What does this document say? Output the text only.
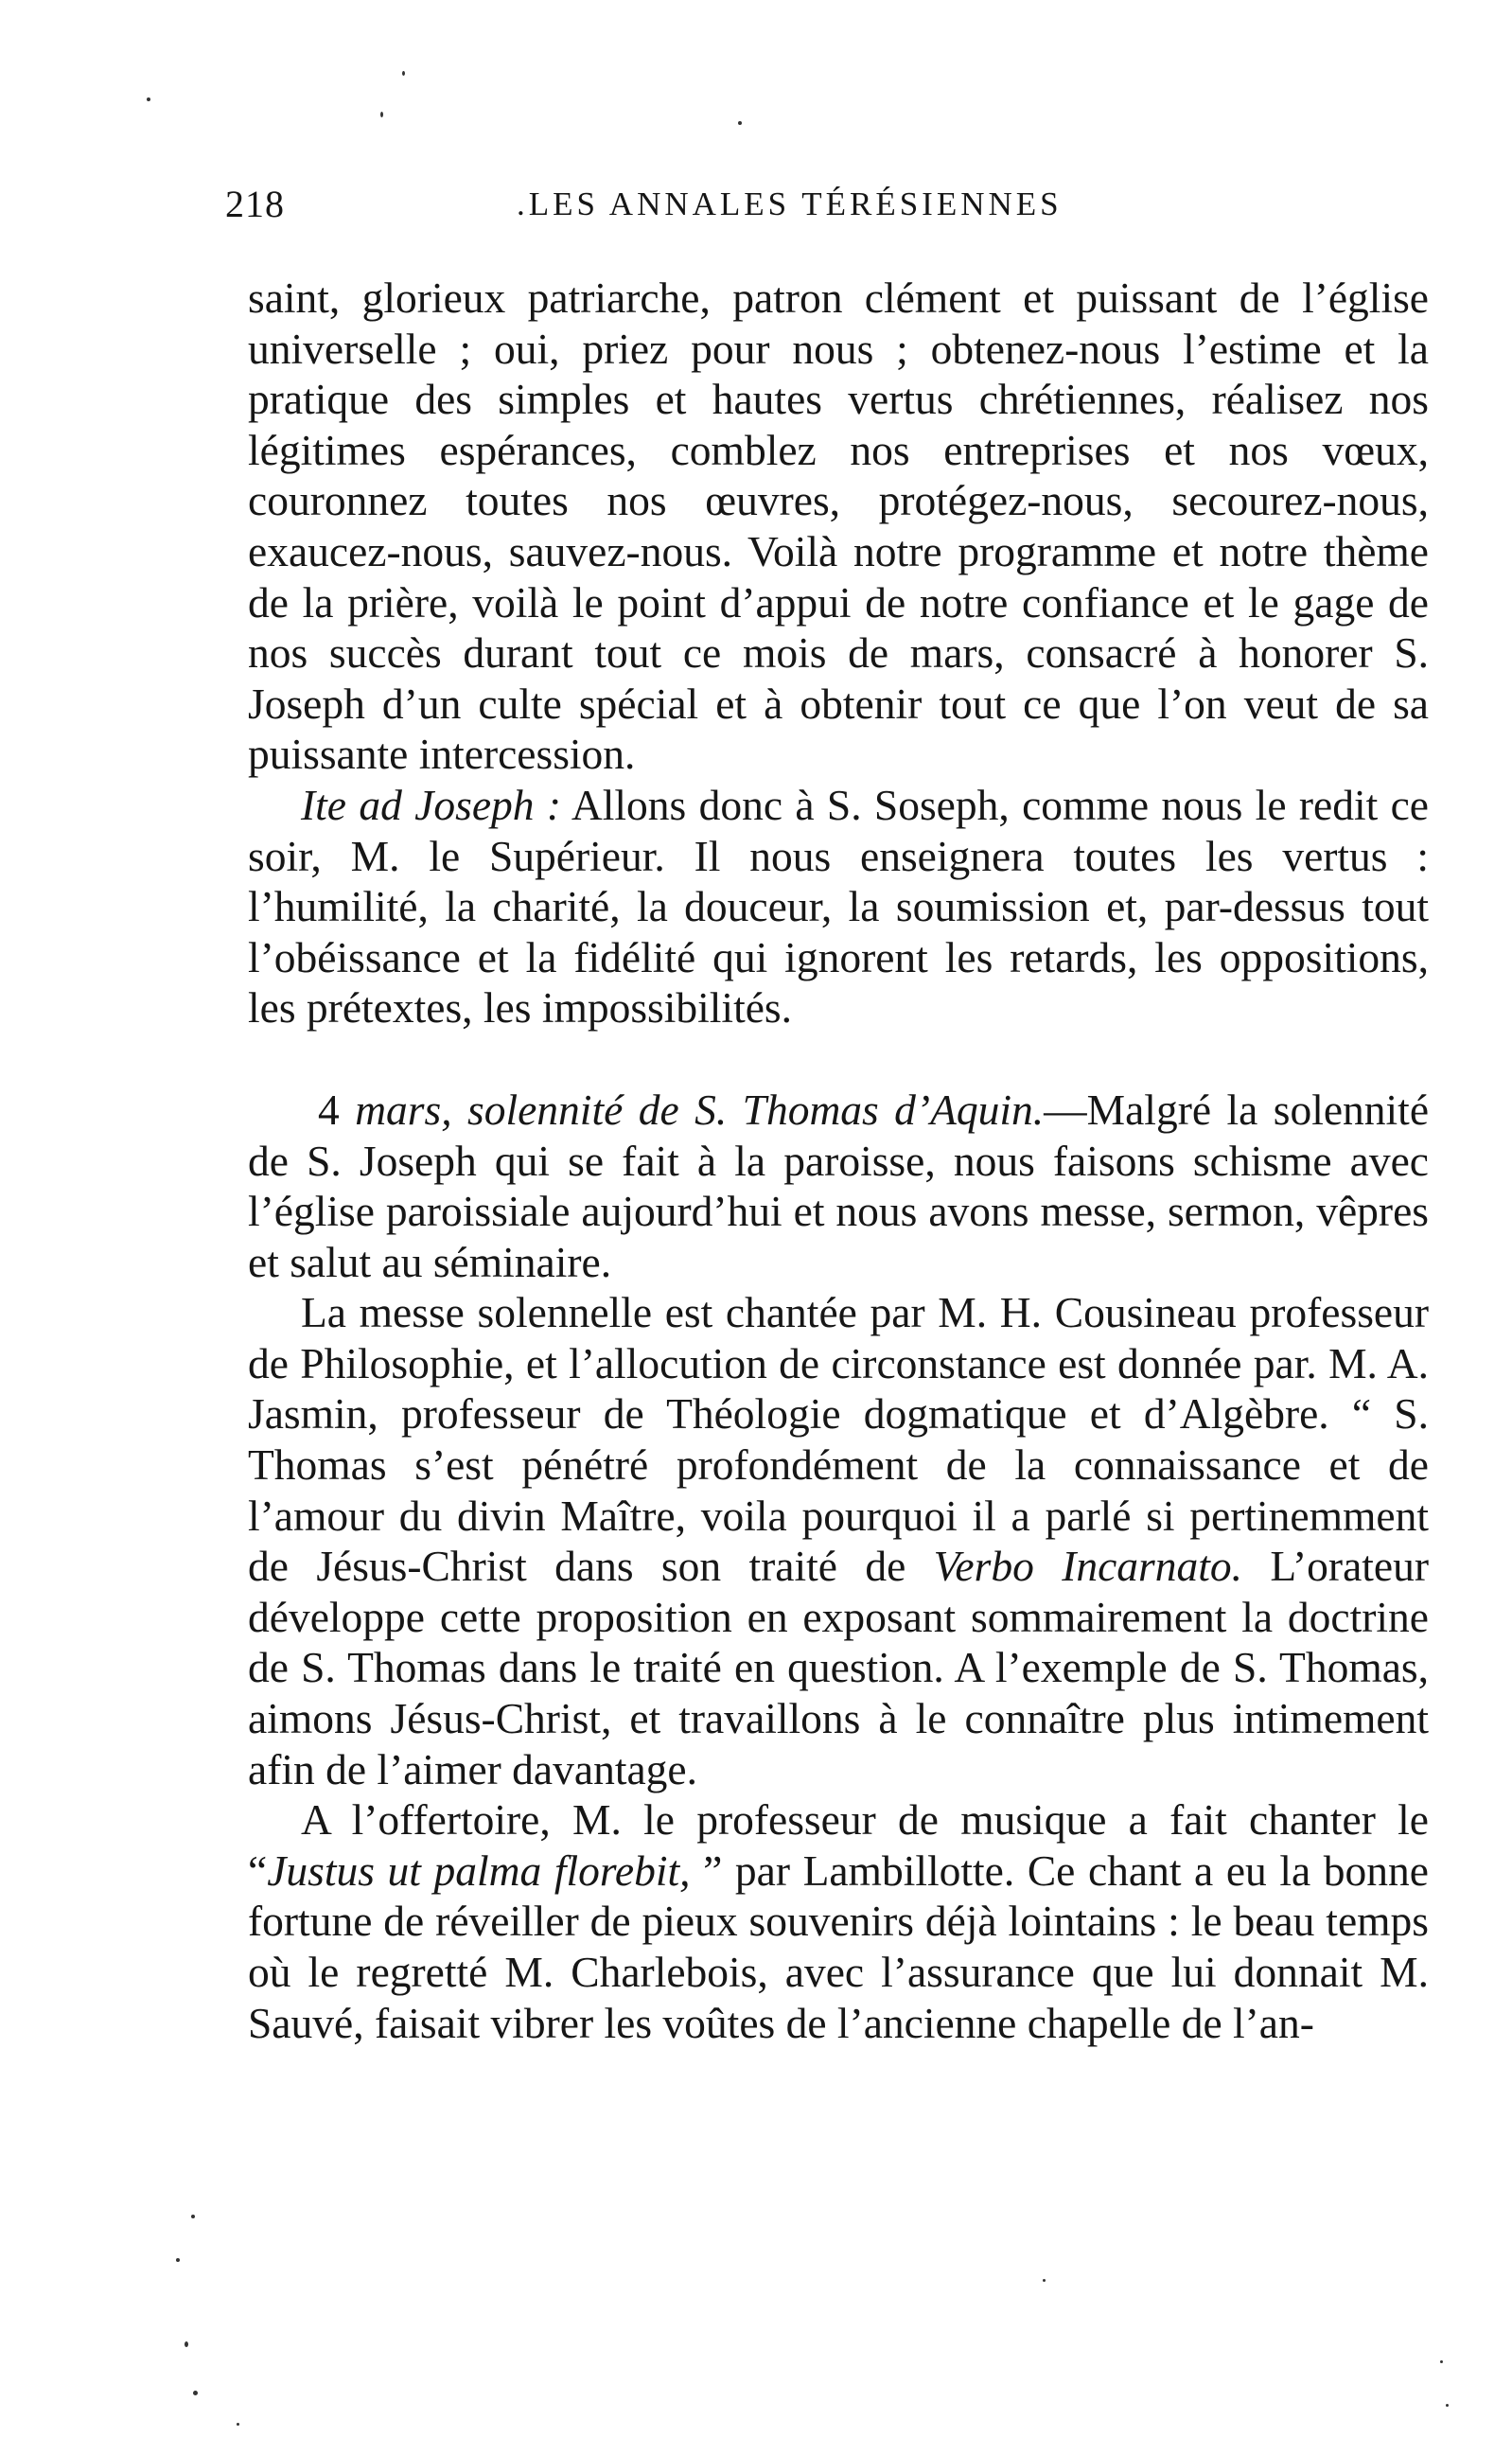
218	.LES ANNALES TÉRÉSIENNES

saint, glorieux patriarche, patron clément et puissant de l’église universelle ; oui, priez pour nous ; obtenez-nous l’estime et la pratique des simples et hautes vertus chrétiennes, réalisez nos légitimes espérances, comblez nos entreprises et nos vœux, couronnez toutes nos œuvres, protégez-nous, secourez-nous, exaucez-nous, sauvez-nous. Voilà notre programme et notre thème de la prière, voilà le point d’appui de notre confiance et le gage de nos succès durant tout ce mois de mars, consacré à honorer S. Joseph d’un culte spécial et à obtenir tout ce que l’on veut de sa puissante intercession.

Ite ad Joseph : Allons donc à S. Soseph, comme nous le redit ce soir, M. le Supérieur. Il nous enseignera toutes les vertus : l’humilité, la charité, la douceur, la soumission et, par-dessus tout l’obéissance et la fidélité qui ignorent les retards, les oppositions, les prétextes, les impossibilités.

4 mars, solennité de S. Thomas d’Aquin.—Malgré la solennité de S. Joseph qui se fait à la paroisse, nous faisons schisme avec l’église paroissiale aujourd’hui et nous avons messe, sermon, vêpres et salut au séminaire.

La messe solennelle est chantée par M. H. Cousineau professeur de Philosophie, et l’allocution de circonstance est donnée par. M. A. Jasmin, professeur de Théologie dogmatique et d’Algèbre. “ S. Thomas s’est pénétré profondément de la connaissance et de l’amour du divin Maître, voila pourquoi il a parlé si pertinemment de Jésus-Christ dans son traité de Verbo Incarnato. L’orateur développe cette proposition en exposant sommairement la doctrine de S. Thomas dans le traité en question. A l’exemple de S. Thomas, aimons Jésus-Christ, et travaillons à le connaître plus intimement afin de l’aimer davantage.

A l’offertoire, M. le professeur de musique a fait chanter le “Justus ut palma florebit, ” par Lambillotte. Ce chant a eu la bonne fortune de réveiller de pieux souvenirs déjà lointains : le beau temps où le regretté M. Charlebois, avec l’assurance que lui donnait M. Sauvé, faisait vibrer les voûtes de l’ancienne chapelle de l’an-
